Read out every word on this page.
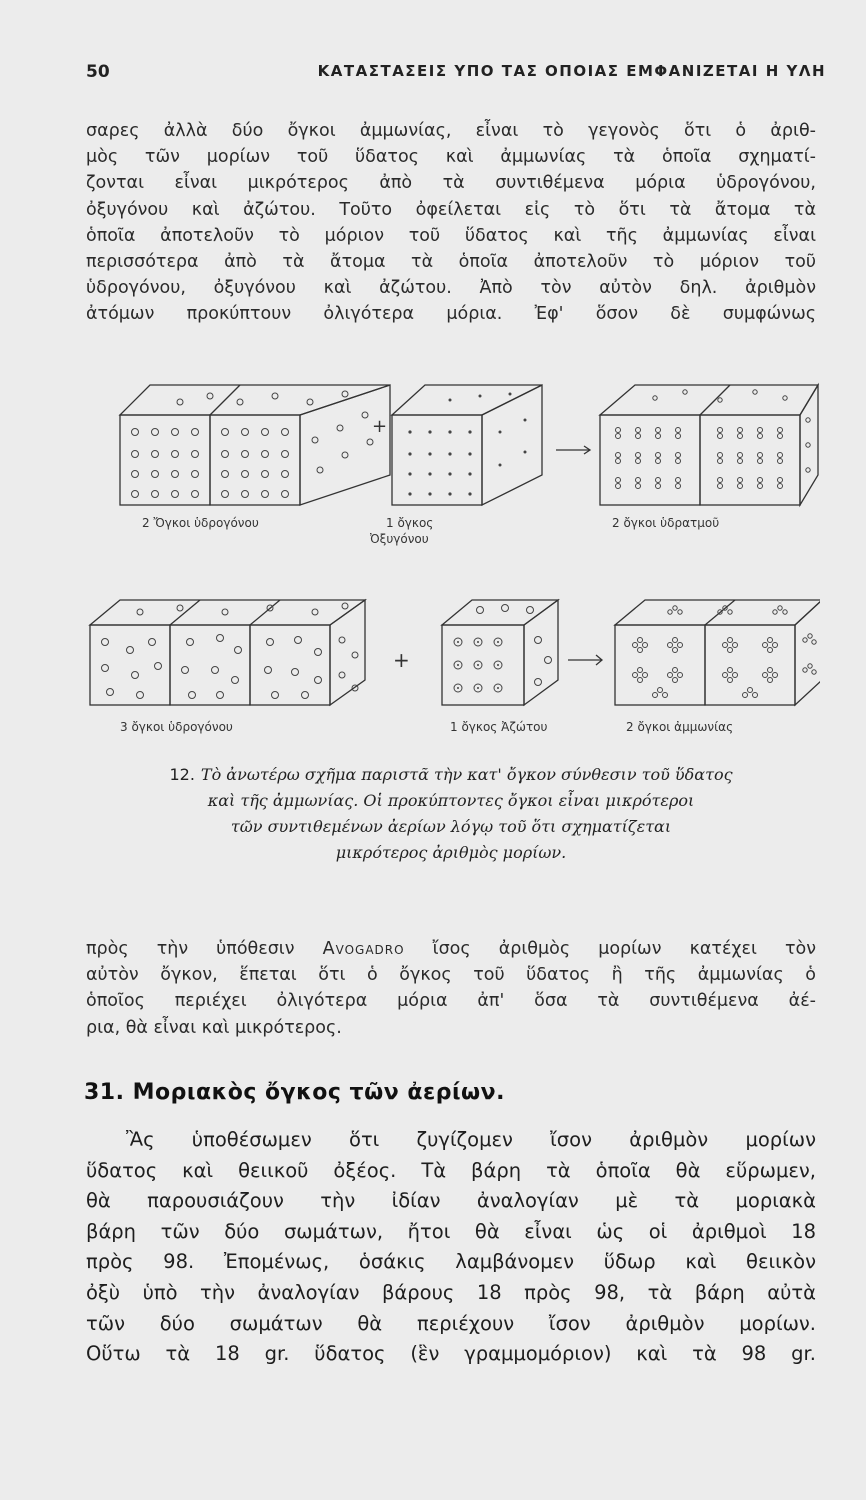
50	ΚΑΤΑΣΤΑΣΕΙΣ ΥΠΟ ΤΑΣ ΟΠΟΙΑΣ ΕΜΦΑΝΙΖΕΤΑΙ Η ΥΛΗ
σαρες ἀλλὰ δύο ὄγκοι ἀμμωνίας, εἶναι τὸ γεγονὸς ὅτι ὁ ἀριθ-
μὸς τῶν μορίων τοῦ ὕδατος καὶ ἀμμωνίας τὰ ὁποῖα σχηματί-
ζονται εἶναι μικρότερος ἀπὸ τὰ συντιθέμενα μόρια ὑδρογόνου,
ὀξυγόνου καὶ ἀζώτου. Τοῦτο ὀφείλεται εἰς τὸ ὅτι τὰ ἄτομα τὰ
ὁποῖα ἀποτελοῦν τὸ μόριον τοῦ ὕδατος καὶ τῆς ἀμμωνίας εἶναι
περισσότερα ἀπὸ τὰ ἄτομα τὰ ὁποῖα ἀποτελοῦν τὸ μόριον τοῦ
ὑδρογόνου, ὀξυγόνου καὶ ἀζώτου. Ἀπὸ τὸν αὐτὸν δηλ. ἀριθμὸν
ἀτόμων προκύπτουν ὀλιγότερα μόρια. Ἐφ' ὅσον δὲ συμφώνως
+
+
2 Ὄγκοι ὑδρογόνου	1 ὄγκος
Ὀξυγόνου
2 ὄγκοι ὑδρατμοῦ
3 ὄγκοι ὑδρογόνου	1 ὄγκος Ἀζώτου	2 ὄγκοι ἀμμωνίας
12. Τὸ ἀνωτέρω σχῆμα παριστᾶ τὴν κατ' ὄγκον σύνθεσιν τοῦ ὕδατος
καὶ τῆς ἀμμωνίας. Οἱ προκύπτοντες ὄγκοι εἶναι μικρότεροι
τῶν συντιθεμένων ἀερίων λόγῳ τοῦ ὅτι σχηματίζεται
μικρότερος ἀριθμὸς μορίων.
πρὸς τὴν ὑπόθεσιν Avogadro ἴσος ἀριθμὸς μορίων κατέχει τὸν
αὐτὸν ὄγκον, ἕπεται ὅτι ὁ ὄγκος τοῦ ὕδατος ἢ τῆς ἀμμωνίας ὁ
ὁποῖος περιέχει ὀλιγότερα μόρια ἀπ' ὅσα τὰ συντιθέμενα ἀέ-
ρια, θὰ εἶναι καὶ μικρότερος.
31. Μοριακὸς ὄγκος τῶν ἀερίων.
Ἂς ὑποθέσωμεν ὅτι ζυγίζομεν ἴσον ἀριθμὸν μορίων
ὕδατος καὶ θειικοῦ ὀξέος. Τὰ βάρη τὰ ὁποῖα θὰ εὕρωμεν,
θὰ παρουσιάζουν τὴν ἰδίαν ἀναλογίαν μὲ τὰ μοριακὰ
βάρη τῶν δύο σωμάτων, ἤτοι θὰ εἶναι ὡς οἱ ἀριθμοὶ 18
πρὸς 98. Ἐπομένως, ὁσάκις λαμβάνομεν ὕδωρ καὶ θειικὸν
ὀξὺ ὑπὸ τὴν ἀναλογίαν βάρους 18 πρὸς 98, τὰ βάρη αὐτὰ
τῶν δύο σωμάτων θὰ περιέχουν ἴσον ἀριθμὸν μορίων.
Οὕτω τὰ 18 gr. ὕδατος (ἓν γραμμομόριον) καὶ τὰ 98 gr.
